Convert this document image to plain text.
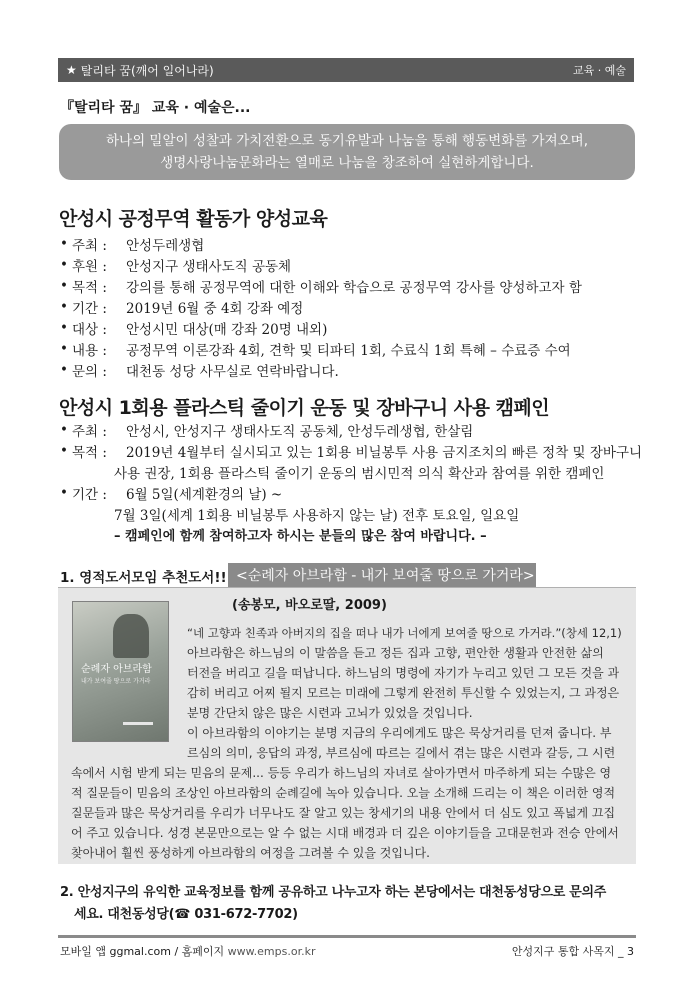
★ 탈리타 꿈(깨어 일어나라)	교육 · 예술
『탈리타 꿈』 교육 · 예술은...
하나의 밀알이 성찰과 가치전환으로 동기유발과 나눔을 통해 행동변화를 가져오며,
생명사랑나눔문화라는 열매로 나눔을 창조하여 실현하게합니다.
안성시 공정무역 활동가 양성교육
• 주최 :	안성두레생협
• 후원 :	안성지구 생태사도직 공동체
• 목적 :	강의를 통해 공정무역에 대한 이해와 학습으로 공정무역 강사를 양성하고자 함
• 기간 :	2019년 6월 중 4회 강좌 예정
• 대상 :	안성시민 대상(매 강좌 20명 내외)
• 내용 :	공정무역 이론강좌 4회, 견학 및 티파티 1회, 수료식 1회 특혜 – 수료증 수여
• 문의 :	대천동 성당 사무실로 연락바랍니다.
안성시 1회용 플라스틱 줄이기 운동 및 장바구니 사용 캠페인
• 주최 :	안성시, 안성지구 생태사도직 공동체, 안성두레생협, 한살림
• 목적 :	2019년 4월부터 실시되고 있는 1회용 비닐봉투 사용 금지조치의 빠른 정착 및 장바구니
사용 권장, 1회용 플라스틱 줄이기 운동의 범시민적 의식 확산과 참여를 위한 캠페인
• 기간 :	6월 5일(세계환경의 날) ~
7월 3일(세계 1회용 비닐봉투 사용하지 않는 날) 전후 토요일, 일요일
– 캠페인에 함께 참여하고자 하시는 분들의 많은 참여 바랍니다. –
1. 영적도서모임 추천도서!! <순례자 아브라함 - 내가 보여줄 땅으로 가거라>
(송봉모, 바오로딸, 2009)
순례자 아브라함
내가 보여줄 땅으로 가거라
“네 고향과 친족과 아버지의 집을 떠나 내가 너에게 보여줄 땅으로 가거라.”(창세 12,1)
아브라함은 하느님의 이 말씀을 듣고 정든 집과 고향, 편안한 생활과 안전한 삶의
터전을 버리고 길을 떠납니다. 하느님의 명령에 자기가 누리고 있던 그 모든 것을 과
감히 버리고 어찌 될지 모르는 미래에 그렇게 완전히 투신할 수 있었는지, 그 과정은
분명 간단치 않은 많은 시련과 고뇌가 있었을 것입니다.
이 아브라함의 이야기는 분명 지금의 우리에게도 많은 묵상거리를 던져 줍니다. 부
르심의 의미, 응답의 과정, 부르심에 따르는 길에서 겪는 많은 시련과 갈등, 그 시련
속에서 시험 받게 되는 믿음의 문제... 등등 우리가 하느님의 자녀로 살아가면서 마주하게 되는 수많은 영
적 질문들이 믿음의 조상인 아브라함의 순례길에 녹아 있습니다. 오늘 소개해 드리는 이 책은 이러한 영적
질문들과 많은 묵상거리를 우리가 너무나도 잘 알고 있는 창세기의 내용 안에서 더 심도 있고 폭넓게 끄집
어 주고 있습니다. 성경 본문만으로는 알 수 없는 시대 배경과 더 깊은 이야기들을 고대문헌과 전승 안에서
찾아내어 훨씬 풍성하게 아브라함의 여정을 그려볼 수 있을 것입니다.
2. 안성지구의 유익한 교육정보를 함께 공유하고 나누고자 하는 본당에서는 대천동성당으로 문의주
세요. 대천동성당(☎ 031-672-7702)
모바일 앱 ggmal.com / 홈페이지 www.emps.or.kr	안성지구 통합 사목지 _ 3
